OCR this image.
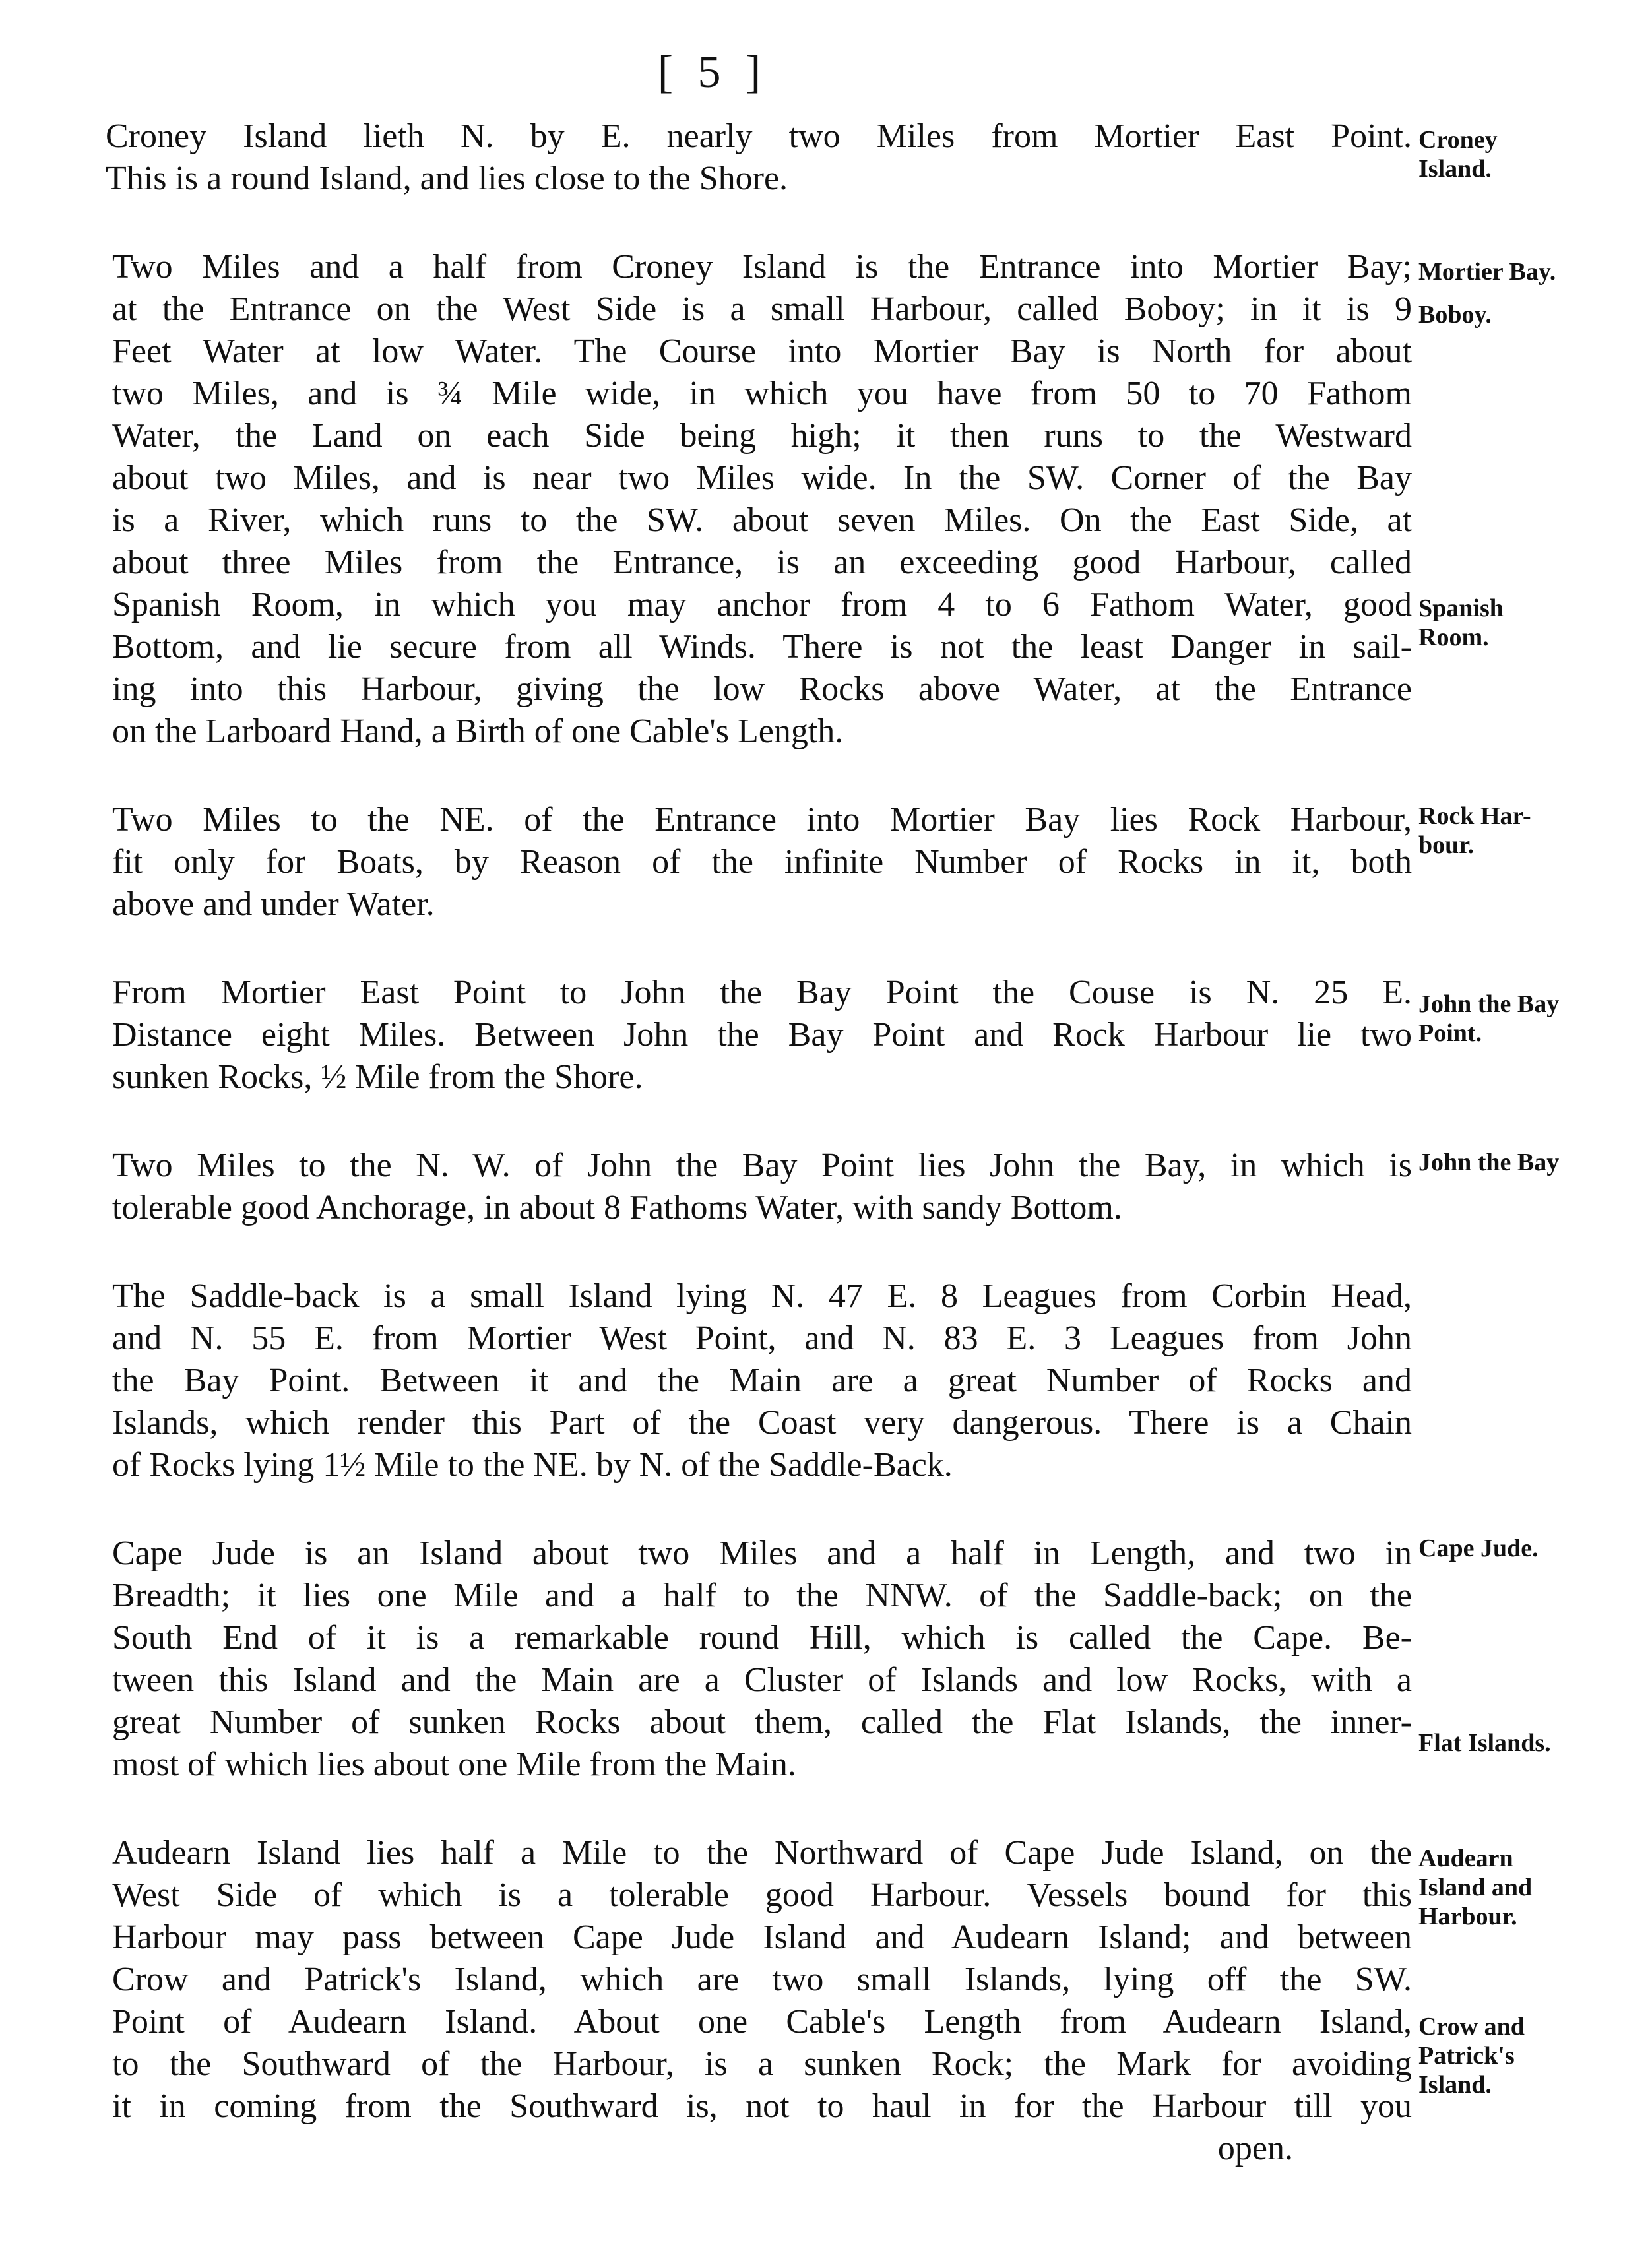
[ 5 ]
Croney Island lieth N. by E. nearly two Miles from Mortier East Point.
This is a round Island, and lies close to the Shore.
Two Miles and a half from Croney Island is the Entrance into Mortier Bay;
at the Entrance on the West Side is a small Harbour, called Boboy; in it is 9
Feet Water at low Water. The Course into Mortier Bay is North for about
two Miles, and is ¾ Mile wide, in which you have from 50 to 70 Fathom
Water, the Land on each Side being high; it then runs to the Westward
about two Miles, and is near two Miles wide. In the SW. Corner of the Bay
is a River, which runs to the SW. about seven Miles. On the East Side, at
about three Miles from the Entrance, is an exceeding good Harbour, called
Spanish Room, in which you may anchor from 4 to 6 Fathom Water, good
Bottom, and lie secure from all Winds. There is not the least Danger in sail-
ing into this Harbour, giving the low Rocks above Water, at the Entrance
on the Larboard Hand, a Birth of one Cable's Length.
Two Miles to the NE. of the Entrance into Mortier Bay lies Rock Harbour,
fit only for Boats, by Reason of the infinite Number of Rocks in it, both
above and under Water.
From Mortier East Point to John the Bay Point the Couse is N. 25 E.
Distance eight Miles. Between John the Bay Point and Rock Harbour lie two
sunken Rocks, ½ Mile from the Shore.
Two Miles to the N. W. of John the Bay Point lies John the Bay, in which is
tolerable good Anchorage, in about 8 Fathoms Water, with sandy Bottom.
The Saddle-back is a small Island lying N. 47 E. 8 Leagues from Corbin Head,
and N. 55 E. from Mortier West Point, and N. 83 E. 3 Leagues from John
the Bay Point. Between it and the Main are a great Number of Rocks and
Islands, which render this Part of the Coast very dangerous. There is a Chain
of Rocks lying 1½ Mile to the NE. by N. of the Saddle-Back.
Cape Jude is an Island about two Miles and a half in Length, and two in
Breadth; it lies one Mile and a half to the NNW. of the Saddle-back; on the
South End of it is a remarkable round Hill, which is called the Cape. Be-
tween this Island and the Main are a Cluster of Islands and low Rocks, with a
great Number of sunken Rocks about them, called the Flat Islands, the inner-
most of which lies about one Mile from the Main.
Audearn Island lies half a Mile to the Northward of Cape Jude Island, on the
West Side of which is a tolerable good Harbour. Vessels bound for this
Harbour may pass between Cape Jude Island and Audearn Island; and between
Crow and Patrick's Island, which are two small Islands, lying off the SW.
Point of Audearn Island. About one Cable's Length from Audearn Island,
to the Southward of the Harbour, is a sunken Rock; the Mark for avoiding
it in coming from the Southward is, not to haul in for the Harbour till you
open.
Croney
Island.
Mortier Bay.
Boboy.
Spanish
Room.
Rock Har-
bour.
John the Bay
Point.
John the Bay
Cape Jude.
Flat Islands.
Audearn
Island and
Harbour.
Crow and
Patrick's
Island.
